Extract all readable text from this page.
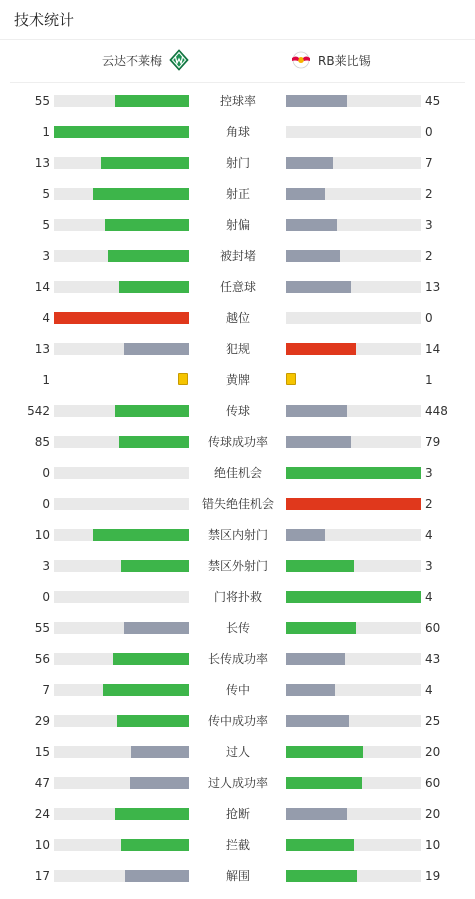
技术统计
云达不莱梅	RB莱比锡
55	控球率	45
1	角球	0
13	射门	7
5	射正	2
5	射偏	3
3	被封堵	2
14	任意球	13
4	越位	0
13	犯规	14
1	黄牌	1
542	传球	448
85	传球成功率	79
0	绝佳机会	3
0	错失绝佳机会	2
10	禁区内射门	4
3	禁区外射门	3
0	门将扑救	4
55	长传	60
56	长传成功率	43
7	传中	4
29	传中成功率	25
15	过人	20
47	过人成功率	60
24	抢断	20
10	拦截	10
17	解围	19
